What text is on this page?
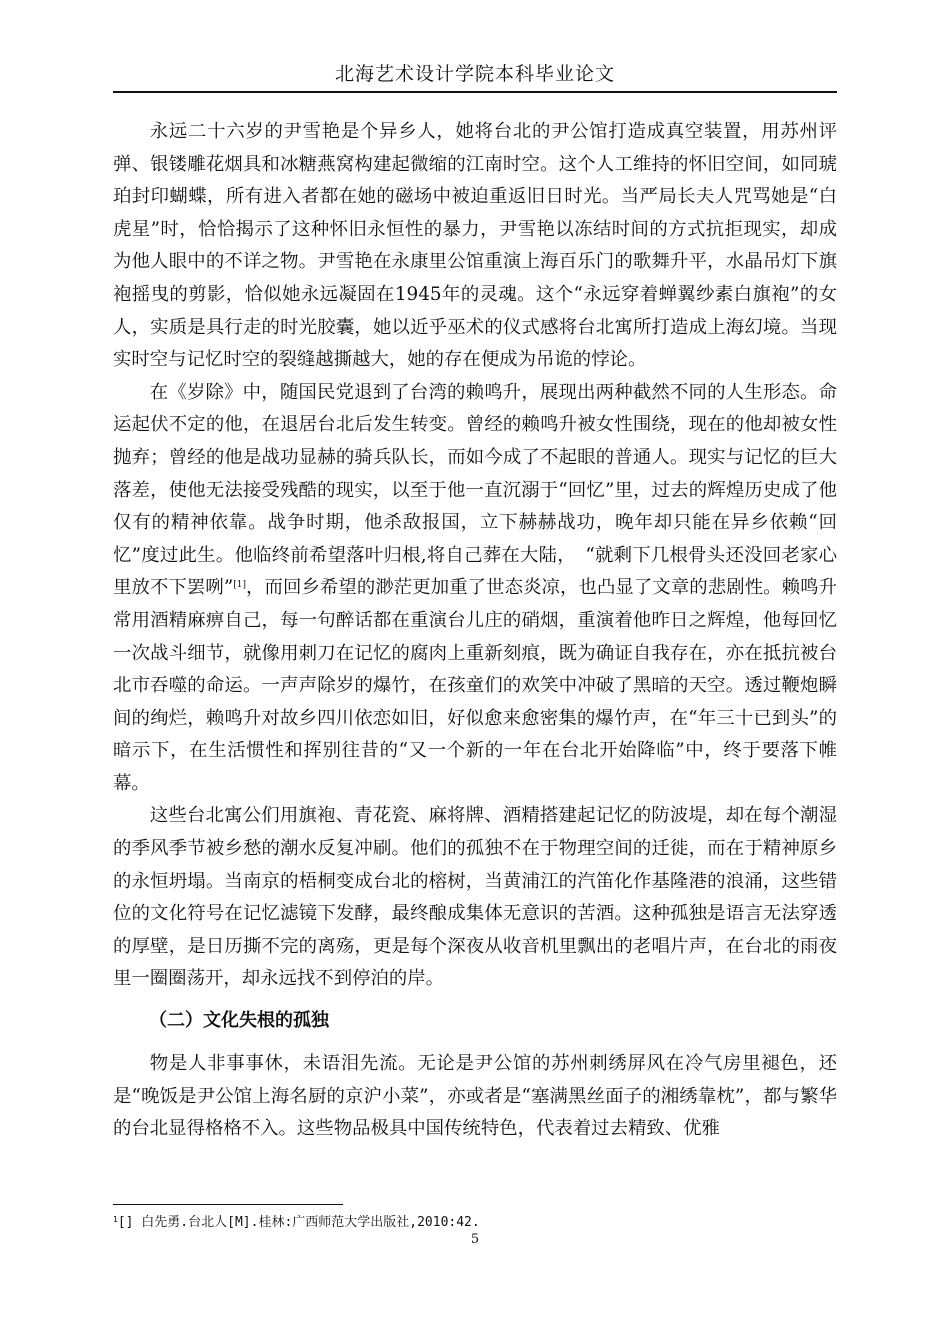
北海艺术设计学院本科毕业论文

永远二十六岁的尹雪艳是个异乡人，她将台北的尹公馆打造成真空装置，用苏州评弹、银镂雕花烟具和冰糖燕窝构建起微缩的江南时空。这个人工维持的怀旧空间，如同琥珀封印蝴蝶，所有进入者都在她的磁场中被迫重返旧日时光。当严局长夫人咒骂她是“白虎星”时，恰恰揭示了这种怀旧永恒性的暴力，尹雪艳以冻结时间的方式抗拒现实，却成为他人眼中的不详之物。尹雪艳在永康里公馆重演上海百乐门的歌舞升平，水晶吊灯下旗袍摇曳的剪影，恰似她永远凝固在1945年的灵魂。这个“永远穿着蝉翼纱素白旗袍”的女人，实质是具行走的时光胶囊，她以近乎巫术的仪式感将台北寓所打造成上海幻境。当现实时空与记忆时空的裂缝越撕越大，她的存在便成为吊诡的悖论。

在《岁除》中，随国民党退到了台湾的赖鸣升，展现出两种截然不同的人生形态。命运起伏不定的他，在退居台北后发生转变。曾经的赖鸣升被女性围绕，现在的他却被女性抛弃；曾经的他是战功显赫的骑兵队长，而如今成了不起眼的普通人。现实与记忆的巨大落差，使他无法接受残酷的现实，以至于他一直沉溺于“回忆”里，过去的辉煌历史成了他仅有的精神依靠。战争时期，他杀敌报国，立下赫赫战功，晚年却只能在异乡依赖“回忆”度过此生。他临终前希望落叶归根,将自己葬在大陆，　“就剩下几根骨头还没回老家心里放不下罢咧”[1]，而回乡希望的渺茫更加重了世态炎凉，也凸显了文章的悲剧性。赖鸣升常用酒精麻痹自己，每一句醉话都在重演台儿庄的硝烟，重演着他昨日之辉煌，他每回忆一次战斗细节，就像用刺刀在记忆的腐肉上重新刻痕，既为确证自我存在，亦在抵抗被台北市吞噬的命运。一声声除岁的爆竹，在孩童们的欢笑中冲破了黑暗的天空。透过鞭炮瞬间的绚烂，赖鸣升对故乡四川依恋如旧，好似愈来愈密集的爆竹声，在“年三十已到头”的暗示下，在生活惯性和挥别往昔的“又一个新的一年在台北开始降临”中，终于要落下帷幕。

这些台北寓公们用旗袍、青花瓷、麻将牌、酒精搭建起记忆的防波堤，却在每个潮湿的季风季节被乡愁的潮水反复冲刷。他们的孤独不在于物理空间的迁徙，而在于精神原乡的永恒坍塌。当南京的梧桐变成台北的榕树，当黄浦江的汽笛化作基隆港的浪涌，这些错位的文化符号在记忆滤镜下发酵，最终酿成集体无意识的苦酒。这种孤独是语言无法穿透的厚壁，是日历撕不完的离殇，更是每个深夜从收音机里飘出的老唱片声，在台北的雨夜里一圈圈荡开，却永远找不到停泊的岸。

（二）文化失根的孤独

物是人非事事休，未语泪先流。无论是尹公馆的苏州刺绣屏风在冷气房里褪色，还是“晚饭是尹公馆上海名厨的京沪小菜”，亦或者是“塞满黑丝面子的湘绣靠枕”，都与繁华的台北显得格格不入。这些物品极具中国传统特色，代表着过去精致、优雅

$^1$[] 白先勇.台北人[M].桂林:广西师范大学出版社,2010:42.
5
